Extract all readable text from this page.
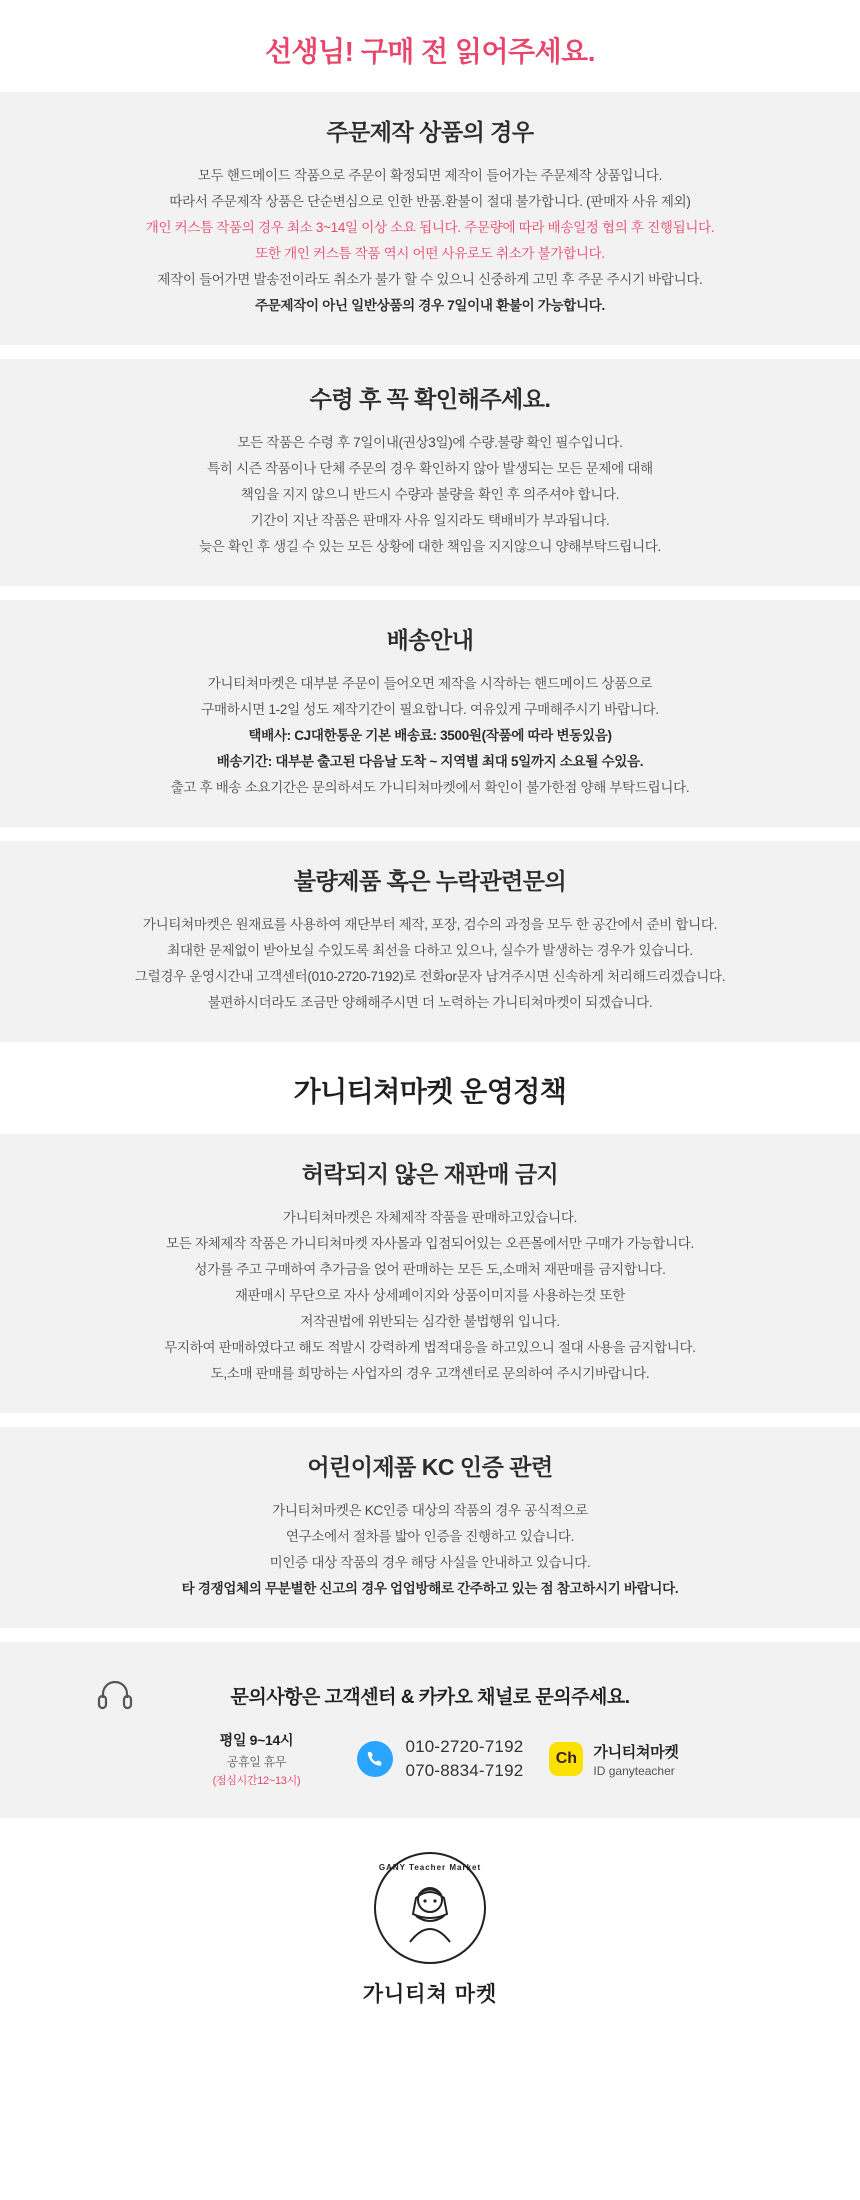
선생님! 구매 전 읽어주세요.
주문제작 상품의 경우
모두 핸드메이드 작품으로 주문이 확정되면 제작이 들어가는 주문제작 상품입니다.
따라서 주문제작 상품은 단순변심으로 인한 반품.환불이 절대 불가합니다. (판매자 사유 제외)
개인 커스틈 작품의 경우 최소 3~14일 이상 소요 됩니다. 주문량에 따라 배송일정 협의 후 진행됩니다.
또한 개인 커스틈 작품 역시 어떤 사유로도 취소가 불가합니다.
제작이 들어가면 발송전이라도 취소가 불가 할 수 있으니 신중하게 고민 후 주문 주시기 바랍니다.
주문제작이 아닌 일반상품의 경우 7일이내 환불이 가능합니다.
수령 후 꼭 확인해주세요.
모든 작품은 수령 후 7일이내(권상3일)에 수량.불량 확인 필수입니다.
특히 시즌 작품이나 단체 주문의 경우 확인하지 않아 발생되는 모든 문제에 대해
책임을 지지 않으니 반드시 수량과 불량을 확인 후 의주셔야 합니다.
기간이 지난 작품은 판매자 사유 일지라도 택배비가 부과됩니다.
늦은 확인 후 생길 수 있는 모든 상황에 대한 책임을 지지않으니 양해부탁드립니다.
배송안내
가니티쳐마켓은 대부분 주문이 들어오면 제작을 시작하는 핸드메이드 상품으로
구매하시면 1-2일 성도 제작기간이 필요합니다. 여유있게 구매해주시기 바랍니다.
택배사: CJ대한통운 기본 배송료: 3500원(작품에 따라 변동있음)
배송기간: 대부분 출고된 다음날 도착 ~ 지역별 최대 5일까지 소요될 수있음.
출고 후 배송 소요기간은 문의하셔도 가니티쳐마켓에서 확인이 불가한점 양해 부탁드립니다.
불량제품 혹은 누락관련문의
가니티쳐마켓은 원재료를 사용하여 재단부터 제작, 포장, 검수의 과정을 모두 한 공간에서 준비 합니다.
최대한 문제없이 받아보실 수있도록 최선을 다하고 있으나, 실수가 발생하는 경우가 있습니다.
그럴경우 운영시간내 고객센터(010-2720-7192)로 전화or문자 남겨주시면 신속하게 처리해드리겠습니다.
불편하시더라도 조금만 양해해주시면 더 노력하는 가니티쳐마켓이 되겠습니다.
가니티쳐마켓 운영정책
허락되지 않은 재판매 금지
가니티쳐마켓은 자체제작 작품을 판매하고있습니다.
모든 자체제작 작품은 가니티쳐마켓 자사몰과 입점되어있는 오픈몰에서만 구매가 가능합니다.
성가를 주고 구매하여 추가금을 얹어 판매하는 모든 도,소매처 재판매를 금지합니다.
재판매시 무단으로 자사 상세페이지와 상품이미지를 사용하는것 또한
저작권법에 위반되는 심각한 불법행위 입니다.
무지하여 판매하였다고 해도 적발시 강력하게 법적대응을 하고있으니 절대 사용을 금지합니다.
도,소매 판매를 희망하는 사업자의 경우 고객센터로 문의하여 주시기바랍니다.
어린이제품 KC 인증 관련
가니티쳐마켓은 KC인증 대상의 작품의 경우 공식적으로
연구소에서 절차를 밟아 인증을 진행하고 있습니다.
미인증 대상 작품의 경우 해당 사실을 안내하고 있습니다.
타 경쟁업체의 무분별한 신고의 경우 업업방해로 간주하고 있는 점 참고하시기 바랍니다.
문의사항은 고객센터 & 카카오 채널로 문의주세요.
평일 9~14시
공휴일 휴무
(점심시간12~13시)
010-2720-7192
070-8834-7192
Ch	가니티쳐마켓
ID ganyteacher
GANY Teacher Market
가니티쳐 마켓
